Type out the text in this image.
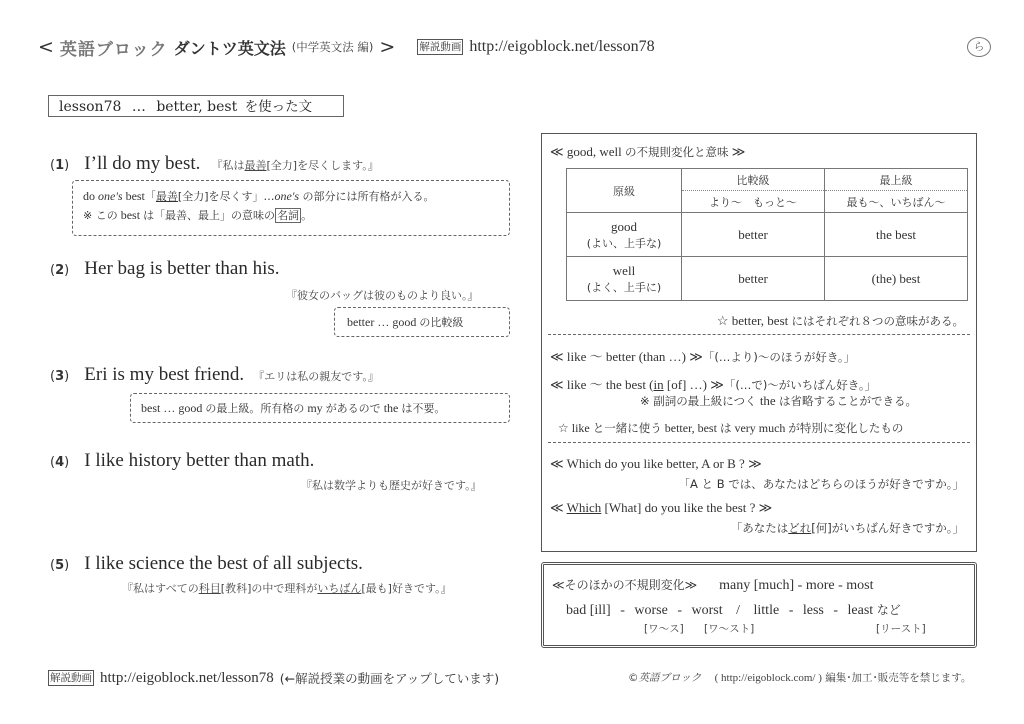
< 英語ブロック ダントツ英文法 (中学英文法 編) > 解説動画 http://eigoblock.net/lesson78	ら
lesson78 … better, best を使った文
(1) I’ll do my best. 『私は最善[全力]を尽くします。』
do one's best「最善[全力]を尽くす」…one's の部分には所有格が入る。
※ この best は「最善、最上」の意味の 名詞 。
(2) Her bag is better than his.
『彼女のバッグは彼のものより良い。』
better … good の比較級
(3) Eri is my best friend. 『エリは私の親友です。』
best … good の最上級。所有格の my があるので the は不要。
(4) I like history better than math.
『私は数学よりも歴史が好きです。』
(5) I like science the best of all subjects.
『私はすべての科目[教科]の中で理科がいちばん[最も]好きです。』
≪ good, well の不規則変化と意味 ≫
原級	比較級	最上級
	より〜　もっと〜	最も〜、いちばん〜

good
(よい、上手な)	better	the best

well
(よく、上手に)	better	(the) best
☆ better, best にはそれぞれ８つの意味がある。
≪ like 〜 better (than …) ≫「(…より)〜のほうが好き。」
≪ like 〜 the best (in [of] …) ≫「(…で)〜がいちばん好き。」
※ 副詞の最上級につく the は省略することができる。
☆ like と一緒に使う better, best は very much が特別に変化したもの
≪ Which do you like better, A or B ? ≫
「A と B では、あなたはどちらのほうが好きですか。」
≪ Which [What] do you like the best ? ≫
「あなたはどれ[何]がいちばん好きですか。」
≪そのほかの不規則変化≫ many [much] - more - most
bad [ill] - worse - worst / little - less - least など
[ワ〜ス] [ワ〜スト]	[リースト]
解説動画 http://eigoblock.net/lesson78 (←解説授業の動画をアップしています)	©英語ブロック ( http://eigoblock.com/ ) 編集･加工･販売等を禁じます。
